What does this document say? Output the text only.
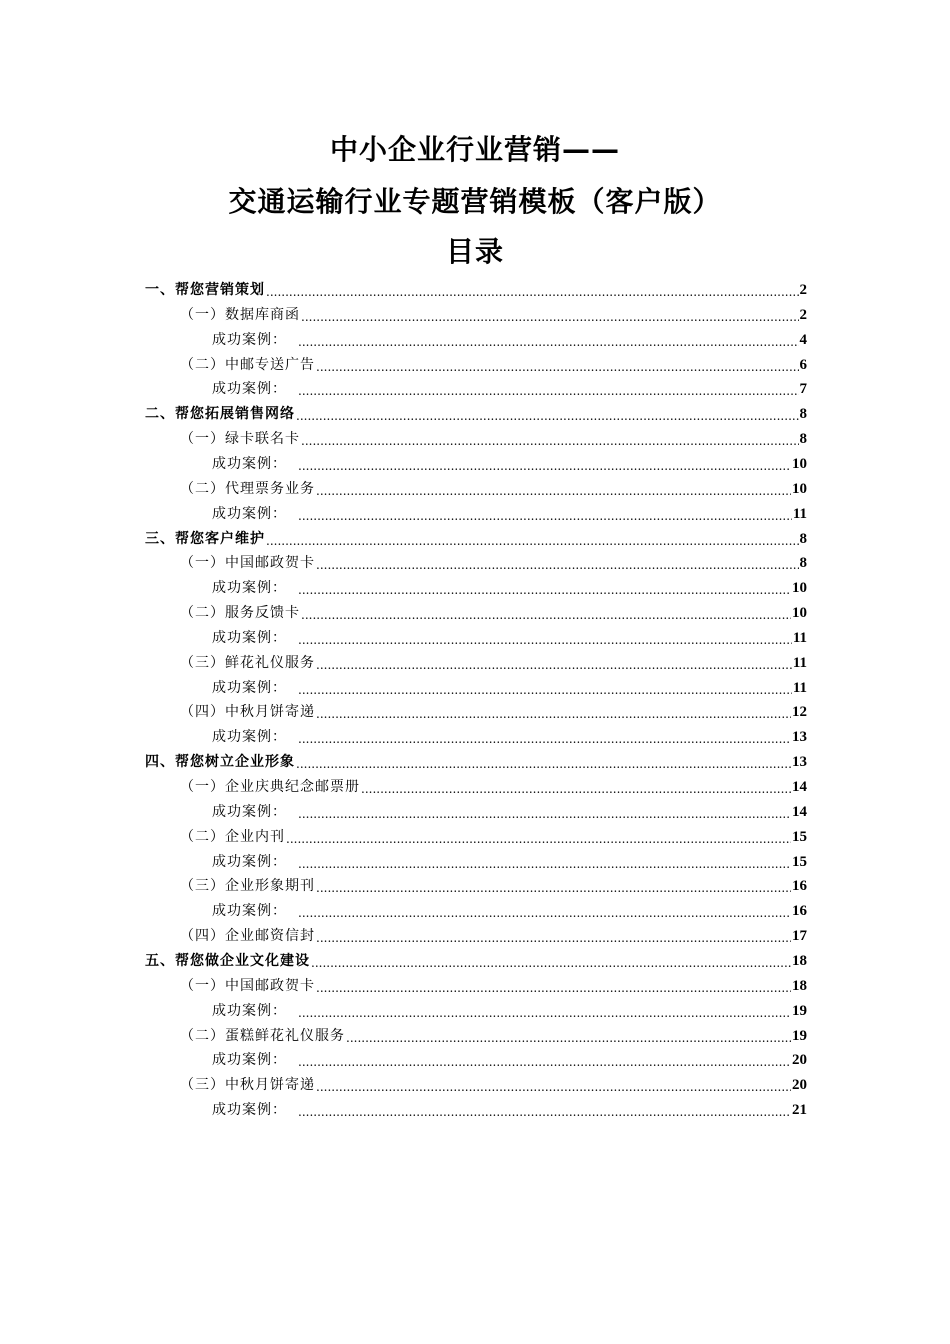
中小企业行业营销——
交通运输行业专题营销模板（客户版）
目录
一、帮您营销策划 .....	2
（一）数据库商函 .....	2
成功案例： .....	4
（二）中邮专送广告 .....	6
成功案例： .....	7
二、帮您拓展销售网络 .....	8
（一）绿卡联名卡 .....	8
成功案例： .....	10
（二）代理票务业务 .....	10
成功案例： .....	11
三、帮您客户维护 .....	8
（一）中国邮政贺卡 .....	8
成功案例： .....	10
（二）服务反馈卡 .....	10
成功案例： .....	11
（三）鲜花礼仪服务 .....	11
成功案例： .....	11
（四）中秋月饼寄递 .....	12
成功案例： .....	13
四、帮您树立企业形象 .....	13
（一）企业庆典纪念邮票册 .....	14
成功案例： .....	14
（二）企业内刊 .....	15
成功案例： .....	15
（三）企业形象期刊 .....	16
成功案例： .....	16
（四）企业邮资信封 .....	17
五、帮您做企业文化建设 .....	18
（一）中国邮政贺卡 .....	18
成功案例： .....	19
（二）蛋糕鲜花礼仪服务 .....	19
成功案例： .....	20
（三）中秋月饼寄递 .....	20
成功案例： .....	21
